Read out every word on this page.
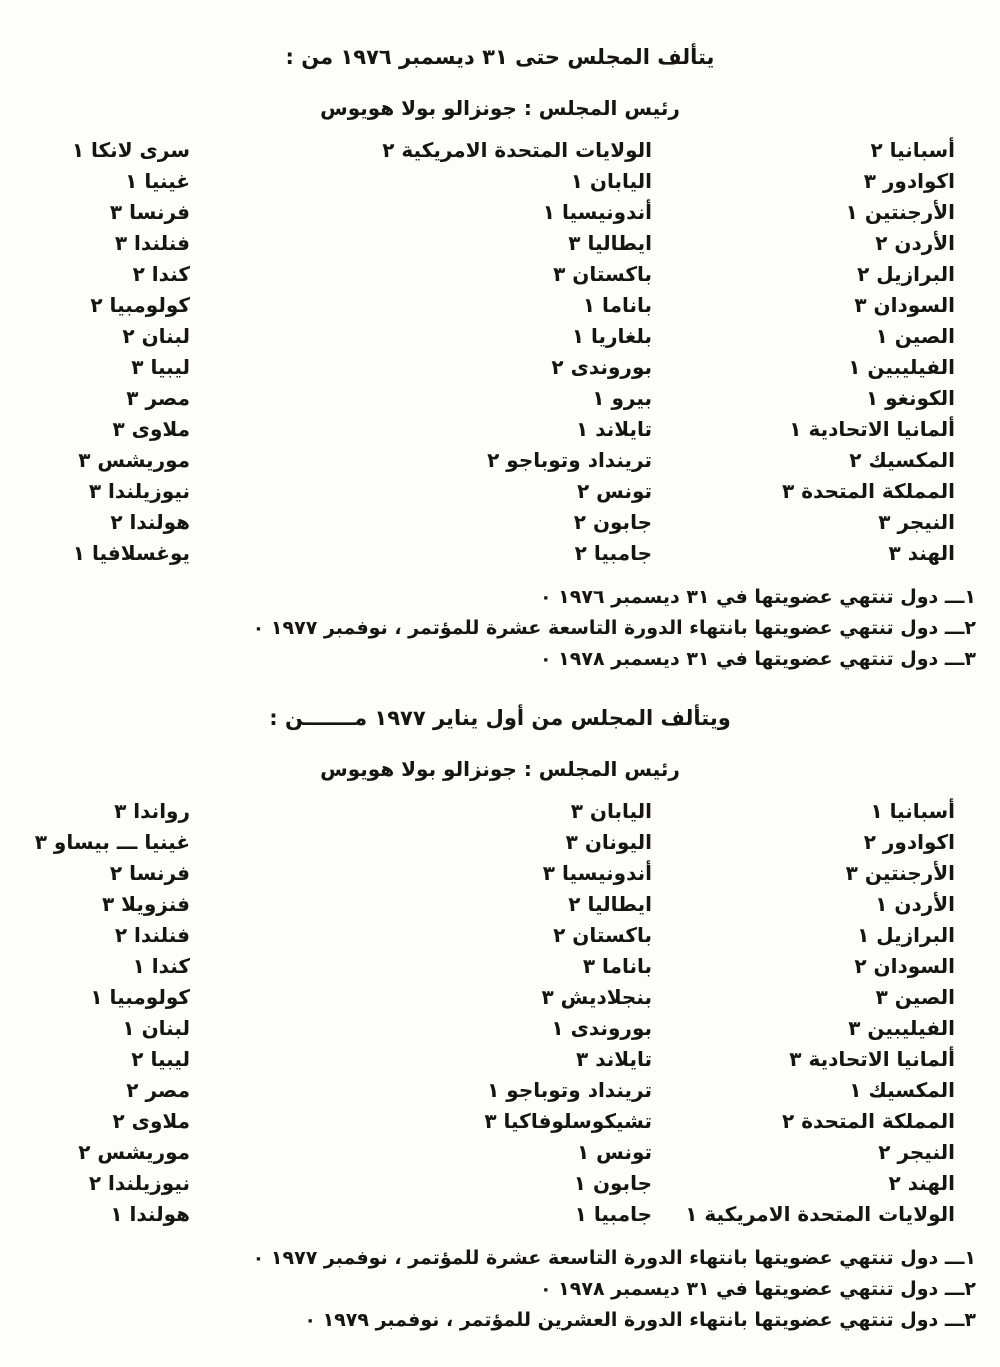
يتألف المجلس حتى ٣١ ديسمبر ١٩٧٦ من :

رئيس المجلس : جونزالو بولا هويوس

أسبانيا ٢
الولايات المتحدة الامريكية ٢
سرى لانكا ١
اكوادور ٣
اليابان ١
غينيا ١
الأرجنتين ١
أندونيسيا ١
فرنسا ٣
الأردن ٢
ايطاليا ٣
فنلندا ٣
البرازيل ٢
باكستان ٣
كندا ٢
السودان ٣
باناما ١
كولومبيا ٢
الصين ١
بلغاريا ١
لبنان ٢
الفيليبين ١
بوروندى ٢
ليبيا ٣
الكونغو ١
بيرو ١
مصر ٣
ألمانيا الاتحادية ١
تايلاند ١
ملاوى ٣
المكسيك ٢
ترينداد وتوباجو ٢
موريشس ٣
المملكة المتحدة ٣
تونس ٢
نيوزيلندا ٣
النيجر ٣
جابون ٢
هولندا ٢
الهند ٣
جامبيا ٢
يوغسلافيا ١
١ـــ دول تنتهي عضويتها في ٣١ ديسمبر ١٩٧٦ ٠
٢ـــ دول تنتهي عضويتها بانتهاء الدورة التاسعة عشرة للمؤتمر ، نوفمبر ١٩٧٧ ٠
٣ـــ دول تنتهي عضويتها في ٣١ ديسمبر ١٩٧٨ ٠

ويتألف المجلس من أول يناير ١٩٧٧ مـــــــن :

رئيس المجلس : جونزالو بولا هويوس

أسبانيا ١
اليابان ٣
رواندا ٣
اكوادور ٢
اليونان ٣
غينيا ـــ بيساو ٣
الأرجنتين ٣
أندونيسيا ٣
فرنسا ٢
الأردن ١
ايطاليا ٢
فنزويلا ٣
البرازيل ١
باكستان ٢
فنلندا ٢
السودان ٢
باناما ٣
كندا ١
الصين ٣
بنجلاديش ٣
كولومبيا ١
الفيليبين ٣
بوروندى ١
لبنان ١
ألمانيا الاتحادية ٣
تايلاند ٣
ليبيا ٢
المكسيك ١
ترينداد وتوباجو ١
مصر ٢
المملكة المتحدة ٢
تشيكوسلوفاكيا ٣
ملاوى ٢
النيجر ٢
تونس ١
موريشس ٢
الهند ٢
جابون ١
نيوزيلندا ٢
الولايات المتحدة الامريكية ١
جامبيا ١
هولندا ١
١ـــ دول تنتهي عضويتها بانتهاء الدورة التاسعة عشرة للمؤتمر ، نوفمبر ١٩٧٧ ٠
٢ـــ دول تنتهي عضويتها في ٣١ ديسمبر ١٩٧٨ ٠
٣ـــ دول تنتهي عضويتها بانتهاء الدورة العشرين للمؤتمر ، نوفمبر ١٩٧٩ ٠
